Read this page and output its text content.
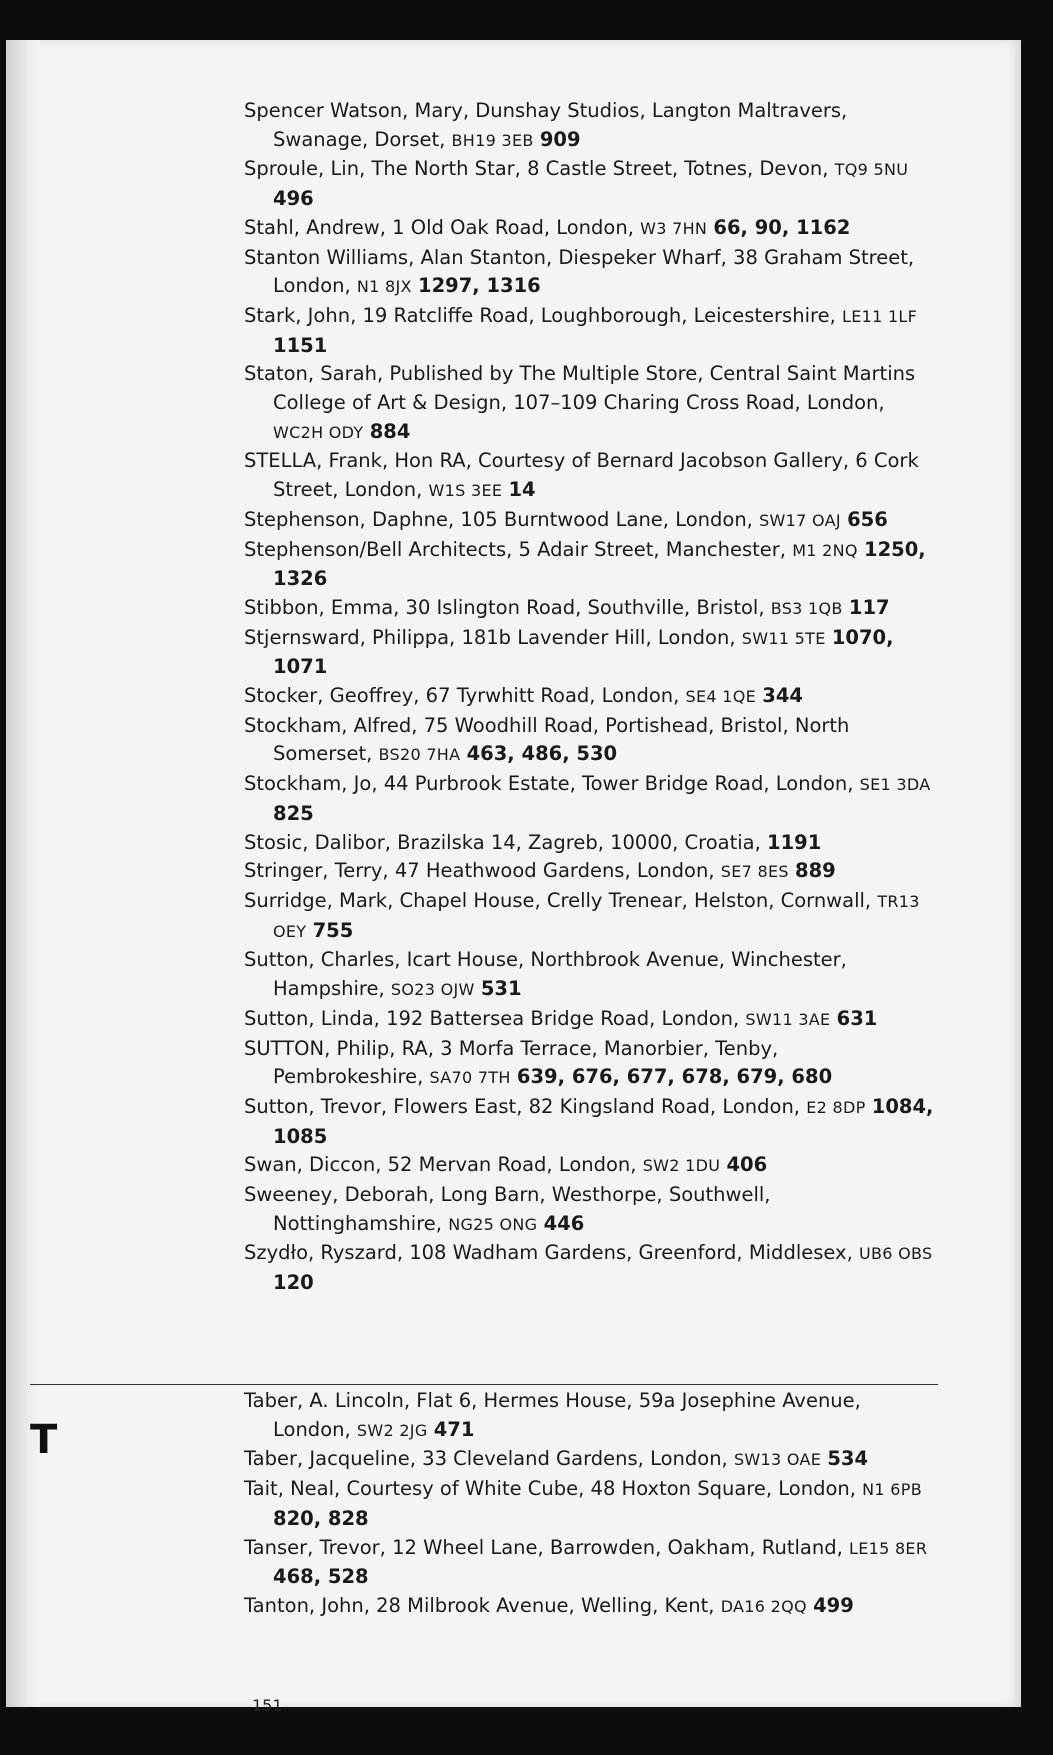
Spencer Watson, Mary, Dunshay Studios, Langton Maltravers, Swanage, Dorset, BH19 3EB 909

Sproule, Lin, The North Star, 8 Castle Street, Totnes, Devon, TQ9 5NU 496

Stahl, Andrew, 1 Old Oak Road, London, W3 7HN 66, 90, 1162

Stanton Williams, Alan Stanton, Diespeker Wharf, 38 Graham Street, London, N1 8JX 1297, 1316

Stark, John, 19 Ratcliffe Road, Loughborough, Leicestershire, LE11 1LF 1151

Staton, Sarah, Published by The Multiple Store, Central Saint Martins College of Art & Design, 107–109 Charing Cross Road, London, WC2H ODY 884

STELLA, Frank, Hon RA, Courtesy of Bernard Jacobson Gallery, 6 Cork Street, London, W1S 3EE 14

Stephenson, Daphne, 105 Burntwood Lane, London, SW17 OAJ 656

Stephenson/Bell Architects, 5 Adair Street, Manchester, M1 2NQ 1250, 1326

Stibbon, Emma, 30 Islington Road, Southville, Bristol, BS3 1QB 117

Stjernsward, Philippa, 181b Lavender Hill, London, SW11 5TE 1070, 1071

Stocker, Geoffrey, 67 Tyrwhitt Road, London, SE4 1QE 344

Stockham, Alfred, 75 Woodhill Road, Portishead, Bristol, North Somerset, BS20 7HA 463, 486, 530

Stockham, Jo, 44 Purbrook Estate, Tower Bridge Road, London, SE1 3DA 825

Stosic, Dalibor, Brazilska 14, Zagreb, 10000, Croatia, 1191

Stringer, Terry, 47 Heathwood Gardens, London, SE7 8ES 889

Surridge, Mark, Chapel House, Crelly Trenear, Helston, Cornwall, TR13 OEY 755

Sutton, Charles, Icart House, Northbrook Avenue, Winchester, Hampshire, SO23 OJW 531

Sutton, Linda, 192 Battersea Bridge Road, London, SW11 3AE 631

SUTTON, Philip, RA, 3 Morfa Terrace, Manorbier, Tenby, Pembrokeshire, SA70 7TH 639, 676, 677, 678, 679, 680

Sutton, Trevor, Flowers East, 82 Kingsland Road, London, E2 8DP 1084, 1085

Swan, Diccon, 52 Mervan Road, London, SW2 1DU 406

Sweeney, Deborah, Long Barn, Westhorpe, Southwell, Nottinghamshire, NG25 ONG 446

Szydło, Ryszard, 108 Wadham Gardens, Greenford, Middlesex, UB6 OBS 120

T

Taber, A. Lincoln, Flat 6, Hermes House, 59a Josephine Avenue, London, SW2 2JG 471

Taber, Jacqueline, 33 Cleveland Gardens, London, SW13 OAE 534

Tait, Neal, Courtesy of White Cube, 48 Hoxton Square, London, N1 6PB 820, 828

Tanser, Trevor, 12 Wheel Lane, Barrowden, Oakham, Rutland, LE15 8ER 468, 528

Tanton, John, 28 Milbrook Avenue, Welling, Kent, DA16 2QQ 499

151
